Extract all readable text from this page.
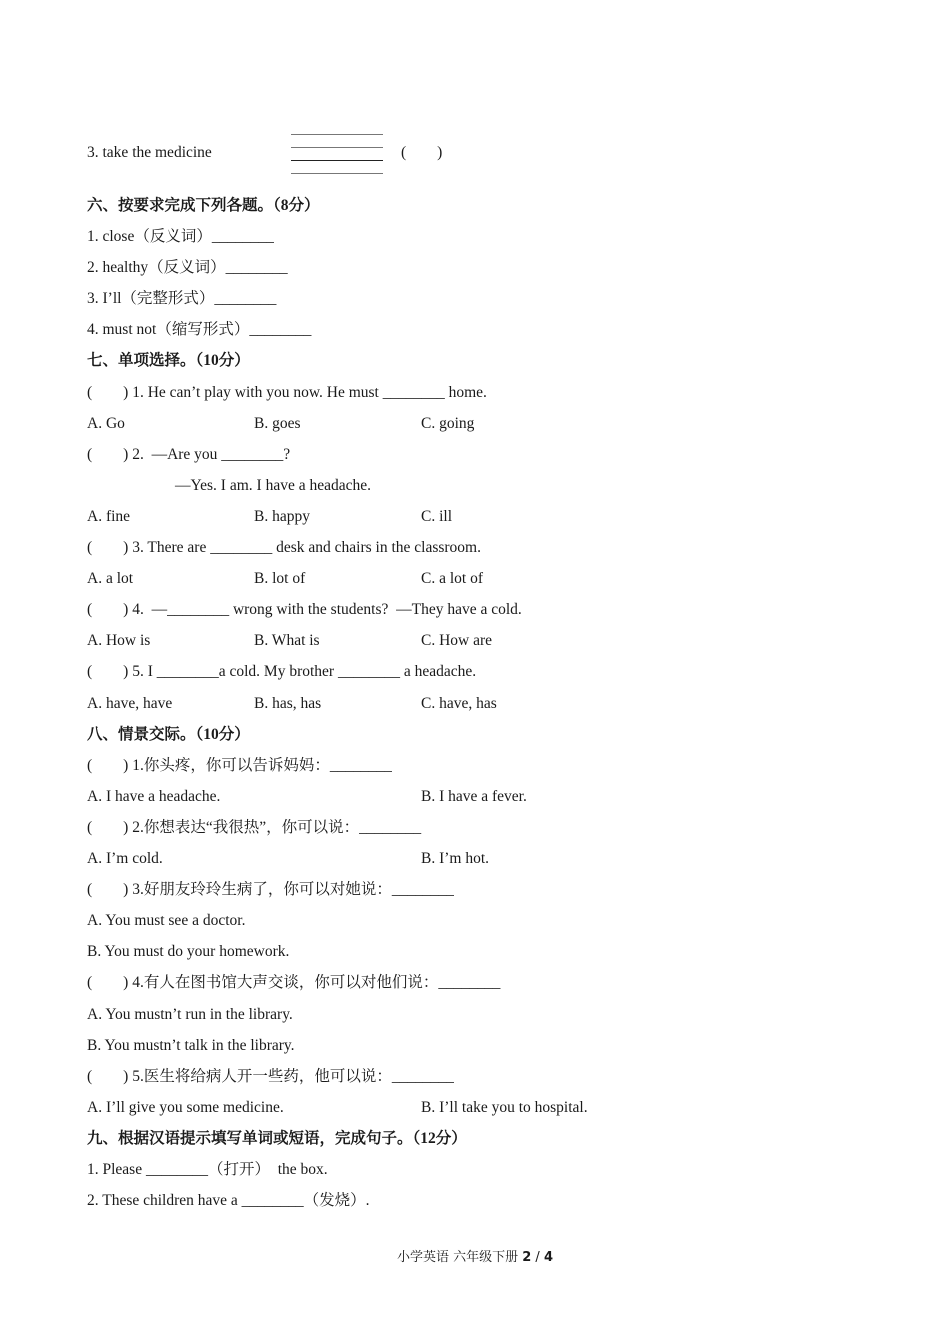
3. take the medicine	(        )
六、按要求完成下列各题。（8分）
1. close（反义词）________
2. healthy（反义词）________
3. I’ll（完整形式）________
4. must not（缩写形式）________
七、单项选择。（10分）
(        ) 1. He can’t play with you now. He must ________ home.
A. Go	B. goes	C. going
(        ) 2.  —Are you ________?
—Yes. I am. I have a headache.
A. fine	B. happy	C. ill
(        ) 3. There are ________ desk and chairs in the classroom.
A. a lot	B. lot of	C. a lot of
(        ) 4.  —________ wrong with the students?  —They have a cold.
A. How is	B. What is	C. How are
(        ) 5. I ________a cold. My brother ________ a headache.
A. have, have	B. has, has	C. have, has
八、情景交际。（10分）
(        ) 1.你头疼，你可以告诉妈妈：________
A. I have a headache.	B. I have a fever.
(        ) 2.你想表达“我很热”，你可以说：________
A. I’m cold.	B. I’m hot.
(        ) 3.好朋友玲玲生病了，你可以对她说：________
A. You must see a doctor.
B. You must do your homework.
(        ) 4.有人在图书馆大声交谈，你可以对他们说：________
A. You mustn’t run in the library.
B. You mustn’t talk in the library.
(        ) 5.医生将给病人开一些药，他可以说：________
A. I’ll give you some medicine.	B. I’ll take you to hospital.
九、根据汉语提示填写单词或短语，完成句子。（12分）
1. Please ________（打开）  the box.
2. These children have a ________（发烧）.
小学英语 六年级下册 2 / 4
